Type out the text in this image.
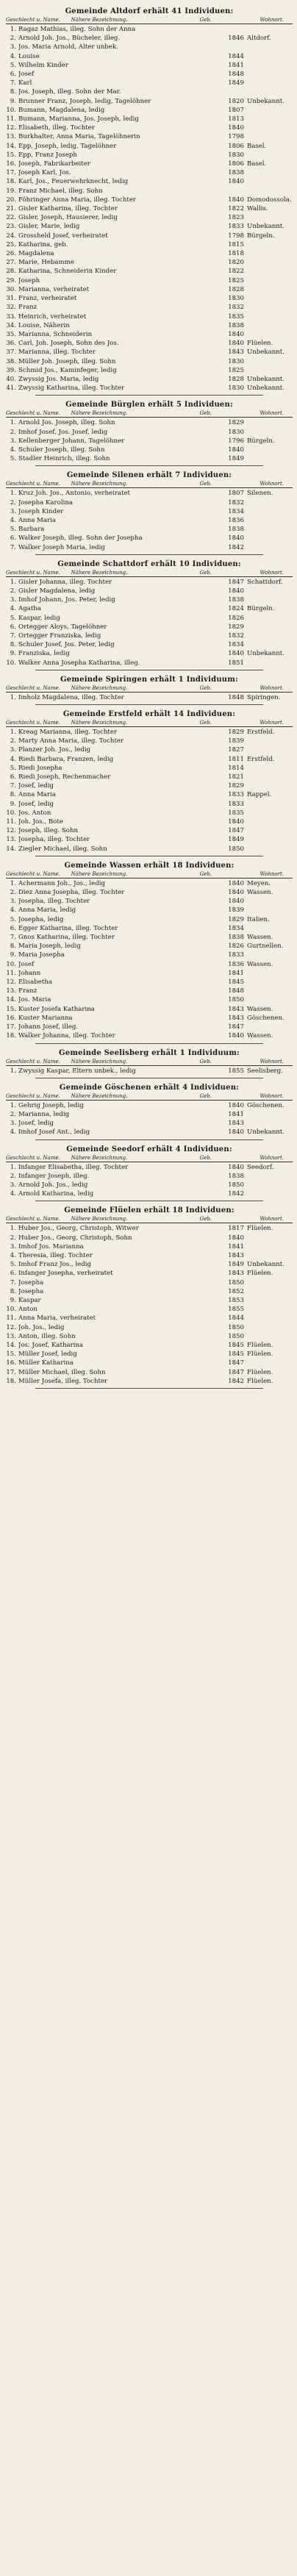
Gemeinde Altdorf erhält 41 Individuen:
Geschlecht u. Name.	Nähere Bezeichnung.	Geb.	Wohnort.
1. Ragaz Mathias, illeg. Sohn der Anna
2. Arnold Joh. Jos., Bücheler, illeg.	1846 Altdorf.
3. Jos. Maria Arnold, Alter unbek.
4. Louise	1844
5. Wilhelm Kinder	1841
6. Josef	1848
7. Karl	1849
8. Jos. Joseph, illeg. Sohn der Mar.
9. Brunner Franz, Joseph, ledig, Tagelöhner	1820 Unbekannt.
10. Bumann, Magdalena, ledig	1807
11. Bumann, Marianna, Jos. Joseph, ledig	1813
12. Elisabeth, illeg. Tochter	1840
13. Burkhalter, Anna Maria, Tagelöhnerin	1798
14. Epp, Joseph, ledig, Tagelöhner	1806 Basel.
15. Epp, Franz Joseph	1830
16. Joseph, Fabrikarbeiter	1806 Basel.
17. Joseph Karl, Jos.	1838
18. Karl, Jos., Feuerwehrknecht, ledig	1840
19. Franz Michael, illeg. Sohn
20. Föhringer Anna Maria, illeg. Tochter	1840 Domodossola.
21. Gisler Katharina, illeg. Tochter	1822 Wallis.
22. Gisler, Joseph, Hausierer, ledig	1823
23. Gisler, Marie, ledig	1833 Unbekannt.
24. Grossheld Josef, verheiratet	1798 Bürgeln.
25. Katharina, geb.	1815
26. Magdalena	1818
27. Marie, Hebamme	1820
28. Katharina, Schneiderin Kinder	1822
29. Joseph	1825
30. Marianna, verheiratet	1828
31. Franz, verheiratet	1830
32. Franz	1832
33. Heinrich, verheiratet	1835
34. Louise, Näherin	1838
35. Marianna, Schneiderin	1840
36. Carl, Joh. Joseph, Sohn des Jos.	1840 Flüelen.
37. Marianna, illeg. Tochter	1843 Unbekannt.
38. Müller Joh. Joseph, illeg. Sohn	1830
39. Schmid Jos., Kaminfeger, ledig	1825
40. Zwyssig Jos. Maria, ledig	1828 Unbekannt.
41. Zwyssig Katharina, illeg. Tochter	1830 Unbekannt.
Gemeinde Bürglen erhält 5 Individuen:
Geschlecht u. Name.	Nähere Bezeichnung.	Geb.	Wohnort.
1. Arnold Jos. Joseph, illeg. Sohn	1829
2. Imhof Josef, Jos. Josef, ledig	1830
3. Kellenberger Johann, Tagelöhner	1796 Bürgeln.
4. Schuler Joseph, illeg. Sohn	1840
5. Stadler Heinrich, illeg. Sohn	1849
Gemeinde Silenen erhält 7 Individuen:
Geschlecht u. Name.	Nähere Bezeichnung.	Geb.	Wohnort.
1. Kruz Joh. Jos., Antonio, verheiratet	1807 Silenen.
2. Josepha Karolina	1832
3. Joseph Kinder	1834
4. Anna Maria	1836
5. Barbara	1838
6. Walker Joseph, illeg. Sohn der Josepha	1840
7. Walker Joseph Maria, ledig	1842
Gemeinde Schattdorf erhält 10 Individuen:
Geschlecht u. Name.	Nähere Bezeichnung.	Geb.	Wohnort.
1. Gisler Johanna, illeg. Tochter	1847 Schattdorf.
2. Gisler Magdalena, ledig	1840
3. Imhof Johann, Jos. Peter, ledig	1838
4. Agatha	1824 Bürgeln.
5. Kaspar, ledig	1826
6. Ortegger Aloys, Tagelöhner	1829
7. Ortegger Franziska, ledig	1832
8. Schuler Josef, Jos. Peter, ledig	1834
9. Franziska, ledig	1840 Unbekannt.
10. Walker Anna Josepha Katharina, illeg.	1851
Gemeinde Spiringen erhält 1 Individuum:
Geschlecht u. Name.	Nähere Bezeichnung.	Geb.	Wohnort.
1. Imholz Magdalena, illeg. Tochter	1848 Spiringen.
Gemeinde Erstfeld erhält 14 Individuen:
Geschlecht u. Name.	Nähere Bezeichnung.	Geb.	Wohnort.
1. Kreag Marianna, illeg. Tochter	1829 Erstfeld.
2. Marty Anna Maria, illeg. Tochter	1839
3. Planzer Joh. Jos., ledig	1827
4. Riedi Barbara, Franzen, ledig	1811 Erstfeld.
5. Riedi Josepha	1814
6. Riedi Joseph, Rechenmacher	1821
7. Josef, ledig	1829
8. Anna Maria	1833 Rappel.
9. Josef, ledig	1833
10. Jos. Anton	1835
11. Joh. Jos., Bote	1840
12. Joseph, illeg. Sohn	1847
13. Josepha, illeg. Tochter	1849
14. Ziegler Michael, illeg. Sohn	1850
Gemeinde Wassen erhält 18 Individuen:
Geschlecht u. Name.	Nähere Bezeichnung.	Geb.	Wohnort.
1. Achermann Joh., Jos., ledig	1840 Meyen.
2. Diez Anna Josepha, illeg. Tochter	1840 Wassen.
3. Josepha, illeg. Tochter	1840
4. Anna Maria, ledig	1839
5. Josepha, ledig	1829 Italien.
6. Egger Katharina, illeg. Tochter	1834
7. Gnos Katharina, illeg. Tochter	1838 Wassen.
8. Maria Joseph, ledig	1826 Gurtnellen.
9. Maria Josepha	1833
10. Josef	1836 Wassen.
11. Johann	1841
12. Elisabetha	1845
13. Franz	1848
14. Jos. Maria	1850
15. Kuster Josefa Katharina	1843 Wassen.
16. Kuster Marianna	1843 Göschenen.
17. Johann Josef, illeg.	1847
18. Walker Johanna, illeg. Tochter	1840 Wassen.
Gemeinde Seelisberg erhält 1 Individuum:
Geschlecht u. Name.	Nähere Bezeichnung.	Geb.	Wohnort.
1. Zwyssig Kaspar, Eltern unbek., ledig	1855 Seelisberg.
Gemeinde Göschenen erhält 4 Individuen:
Geschlecht u. Name.	Nähere Bezeichnung.	Geb.	Wohnort.
1. Gehrig Joseph, ledig	1840 Göschenen.
2. Marianna, ledig	1841
3. Josef, ledig	1843
4. Imhof Josef Ant., ledig	1840 Unbekannt.
Gemeinde Seedorf erhält 4 Individuen:
Geschlecht u. Name.	Nähere Bezeichnung.	Geb.	Wohnort.
1. Infanger Elisabetha, illeg. Tochter	1840 Seedorf.
2. Infanger Joseph, illeg.	1838
3. Arnold Joh. Jos., ledig	1850
4. Arnold Katharina, ledig	1842
Gemeinde Flüelen erhält 18 Individuen:
Geschlecht u. Name.	Nähere Bezeichnung.	Geb.	Wohnort.
1. Huber Jos., Georg, Christoph, Witwer	1817 Flüelen.
2. Huber Jos., Georg, Christoph, Sohn	1840
3. Imhof Jos. Marianna	1841
4. Theresia, illeg. Tochter	1843
5. Imhof Franz Jos., ledig	1849 Unbekannt.
6. Infanger Josepha, verheiratet	1843 Flüelen.
7. Josepha	1850
8. Josepha	1852
9. Kaspar	1853
10. Anton	1855
11. Anna Maria, verheiratet	1844
12. Joh. Jos., ledig	1850
13. Anton, illeg. Sohn	1850
14. Jos. Josef, Katharina	1845 Flüelen.
15. Müller Josef, ledig	1845 Flüelen.
16. Müller Katharina	1847
17. Müller Michael, illeg. Sohn	1847 Flüelen.
18. Müller Josefa, illeg. Tochter	1842 Flüelen.
